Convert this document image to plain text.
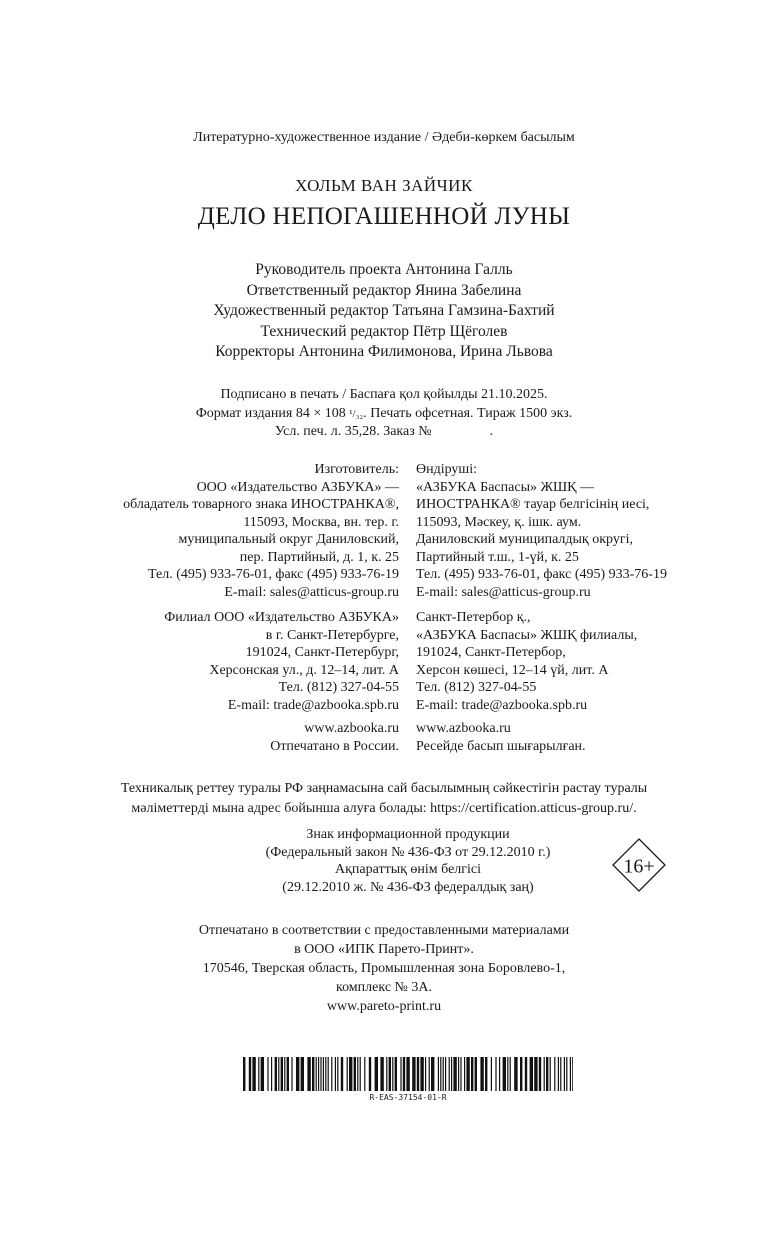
Литературно-художественное издание / Әдеби-көркем басылым
ХОЛЬМ ВАН ЗАЙЧИК
ДЕЛО НЕПОГАШЕННОЙ ЛУНЫ
Руководитель проекта Антонина Галль
Ответственный редактор Янина Забелина
Художественный редактор Татьяна Гамзина-Бахтий
Технический редактор Пётр Щёголев
Корректоры Антонина Филимонова, Ирина Львова
Подписано в печать / Баспаға қол қойылды 21.10.2025.
Формат издания 84 × 108 ¹/₃₂. Печать офсетная. Тираж 1500 экз.
Усл. печ. л. 35,28. Заказ №	.
Изготовитель:
ООО «Издательство АЗБУКА» —
обладатель товарного знака ИНОСТРАНКА®,
115093, Москва, вн. тер. г.
муниципальный округ Даниловский,
пер. Партийный, д. 1, к. 25
Тел. (495) 933-76-01, факс (495) 933-76-19
E-mail: sales@atticus-group.ru
Филиал ООО «Издательство АЗБУКА»
в г. Санкт-Петербурге,
191024, Санкт-Петербург,
Херсонская ул., д. 12–14, лит. А
Тел. (812) 327-04-55
E-mail: trade@azbooka.spb.ru
www.azbooka.ru
Отпечатано в России.
Өндіруші:
«АЗБУКА Баспасы» ЖШҚ —
ИНОСТРАНКА® тауар белгісінің иесі,
115093, Мәскеу, қ. ішк. аум.
Даниловский муниципалдық округі,
Партийный т.ш., 1-үй, к. 25
Тел. (495) 933-76-01, факс (495) 933-76-19
E-mail: sales@atticus-group.ru
Санкт-Петербор қ.,
«АЗБУКА Баспасы» ЖШҚ филиалы,
191024, Санкт-Петербор,
Херсон көшесі, 12–14 үй, лит. А
Тел. (812) 327-04-55
E-mail: trade@azbooka.spb.ru
www.azbooka.ru
Ресейде басып шығарылған.
Техникалық реттеу туралы РФ заңнамасына сай басылымның сәйкестігін растау туралы
мәліметтерді мына адрес бойынша алуға болады: https://certification.atticus-group.ru/.
Знак информационной продукции
(Федеральный закон № 436-ФЗ от 29.12.2010 г.)
Ақпараттық өнім белгісі
(29.12.2010 ж. № 436-ФЗ федералдық заң)
16+
Отпечатано в соответствии с предоставленными материалами
в ООО «ИПК Парето-Принт».
170546, Тверская область, Промышленная зона Боровлево-1,
комплекс № 3А.
www.pareto-print.ru
R-EAS-37154-01-R
